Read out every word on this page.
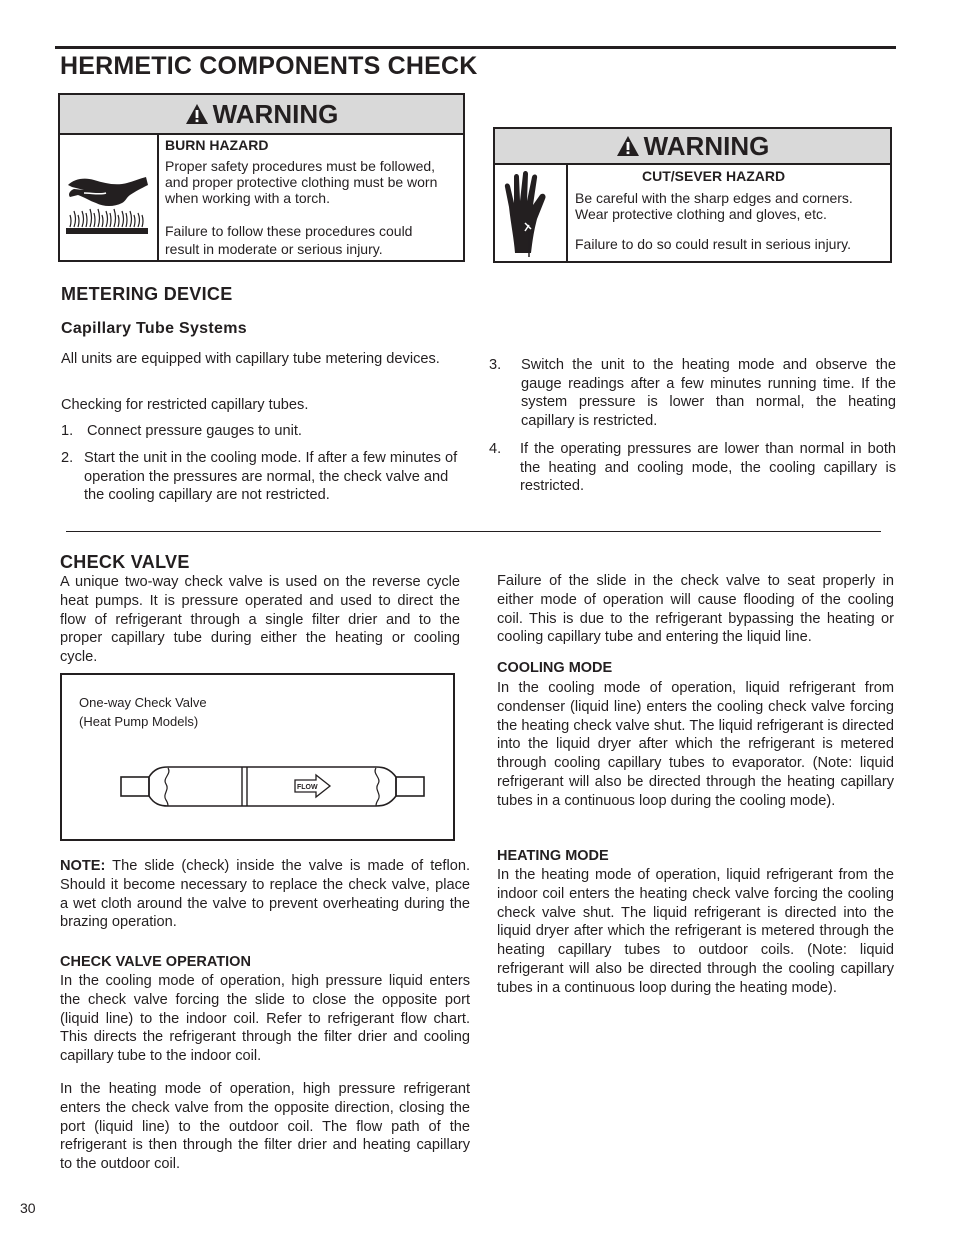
HERMETIC COMPONENTS CHECK
WARNING
BURN HAZARD
Proper safety procedures must be followed, and proper protective clothing must be worn when working with a torch.
Failure to follow these procedures could result in moderate or serious injury.
WARNING
CUT/SEVER HAZARD
Be careful with the sharp edges and corners. Wear protective clothing and gloves, etc.
Failure to do so could result in serious injury.
METERING DEVICE
Capillary Tube Systems
All units are equipped with capillary tube metering devices.
Checking for restricted capillary tubes.
1. Connect pressure gauges to unit.
2. Start the unit in the cooling mode. If after a few minutes of operation the pressures are normal, the check valve and the cooling capillary are not restricted.
3. Switch the unit to the heating mode and observe the gauge readings after a few minutes running time. If the system pressure is lower than normal, the heating capillary is restricted.
4. If the operating pressures are lower than normal in both the heating and cooling mode, the cooling capillary is restricted.
CHECK VALVE
A unique two-way check valve is used on the reverse cycle heat pumps. It is pressure operated and used to direct the flow of refrigerant through a single filter drier and to the proper capillary tube during either the heating or cooling cycle.
One-way Check Valve
(Heat Pump Models)
FLOW
NOTE: The slide (check) inside the valve is made of teflon. Should it become necessary to replace the check valve, place a wet cloth around the valve to prevent overheating during the brazing operation.
CHECK VALVE OPERATION
In the cooling mode of operation, high pressure liquid enters the check valve forcing the slide to close the opposite port (liquid line) to the indoor coil. Refer to refrigerant flow chart. This directs the refrigerant through the filter drier and cooling capillary tube to the indoor coil.
In the heating mode of operation, high pressure refrigerant enters the check valve from the opposite direction, closing the port (liquid line) to the outdoor coil. The flow path of the refrigerant is then through the filter drier and heating capillary to the outdoor coil.
Failure of the slide in the check valve to seat properly in either mode of operation will cause flooding of the cooling coil. This is due to the refrigerant bypassing the heating or cooling capillary tube and entering the liquid line.
COOLING MODE
In the cooling mode of operation, liquid refrigerant from condenser (liquid line) enters the cooling check valve forcing the heating check valve shut. The liquid refrigerant is directed into the liquid dryer after which the refrigerant is metered through cooling capillary tubes to evaporator. (Note: liquid refrigerant will also be directed through the heating capillary tubes in a continuous loop during the cooling mode).
HEATING MODE
In the heating mode of operation, liquid refrigerant from the indoor coil enters the heating check valve forcing the cooling check valve shut. The liquid refrigerant is directed into the liquid dryer after which the refrigerant is metered through the heating capillary tubes to outdoor coils. (Note: liquid refrigerant will also be directed through the cooling capillary tubes in a continuous loop during the heating mode).
30
